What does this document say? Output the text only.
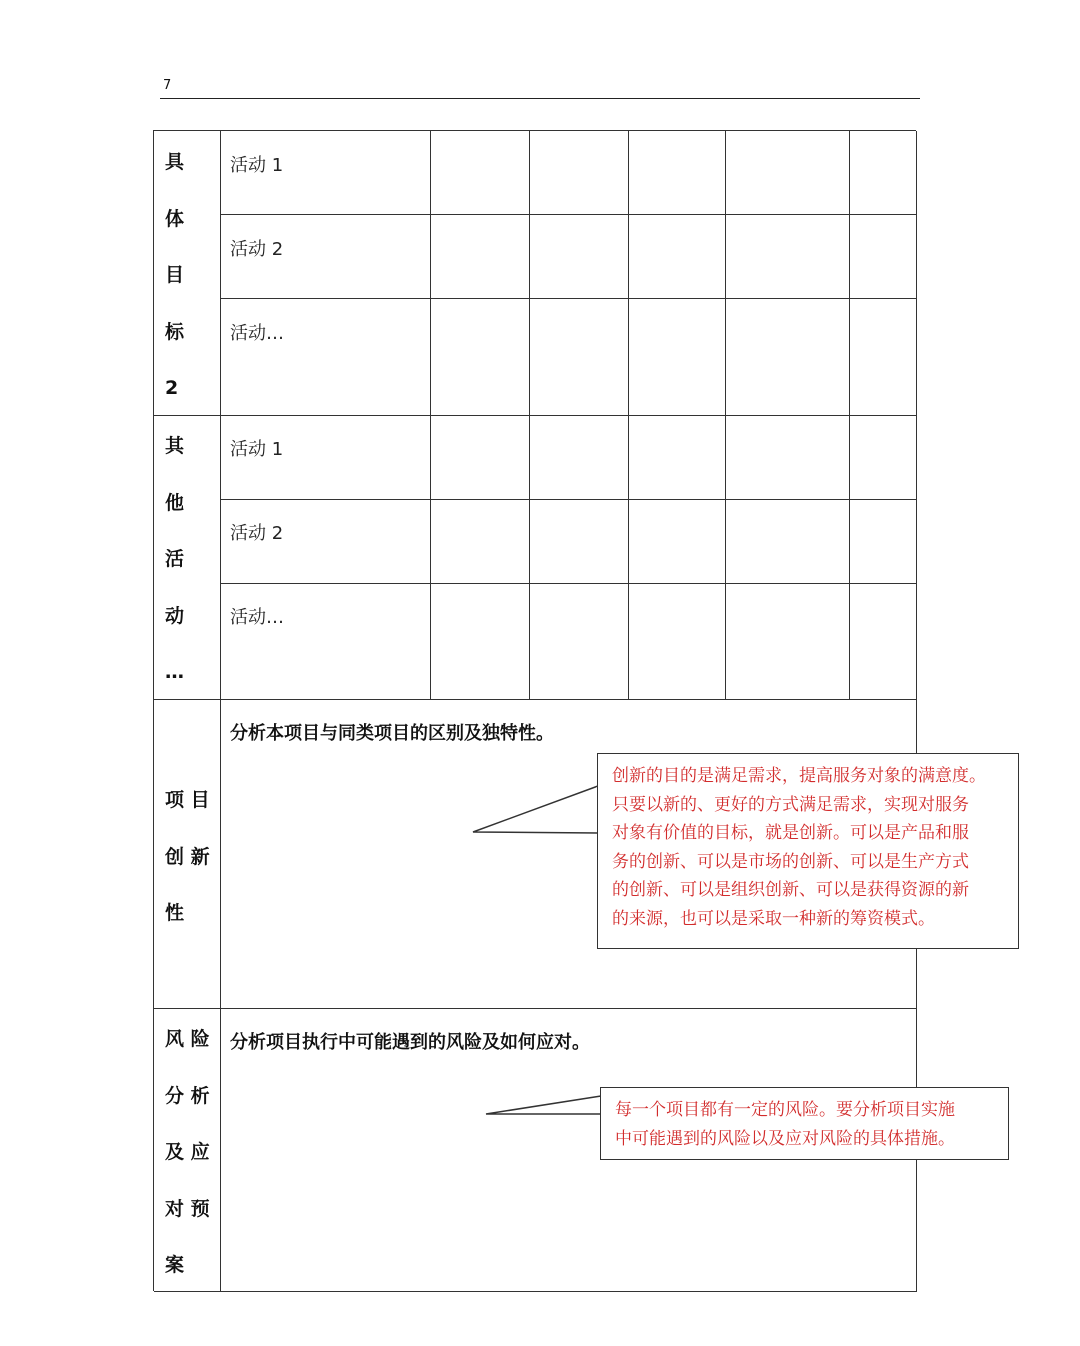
7
具
体
目
标
2
活动 1
活动 2
活动…
其
他
活
动
…
活动 1
活动 2
活动…
项 目
创 新
性
分析本项目与同类项目的区别及独特性。
风 险
分 析
及 应
对 预
案
分析项目执行中可能遇到的风险及如何应对。
创新的目的是满足需求，提高服务对象的满意度。
只要以新的、更好的方式满足需求，实现对服务
对象有价值的目标，就是创新。可以是产品和服
务的创新、可以是市场的创新、可以是生产方式
的创新、可以是组织创新、可以是获得资源的新
的来源，也可以是采取一种新的筹资模式。
每一个项目都有一定的风险。要分析项目实施
中可能遇到的风险以及应对风险的具体措施。
